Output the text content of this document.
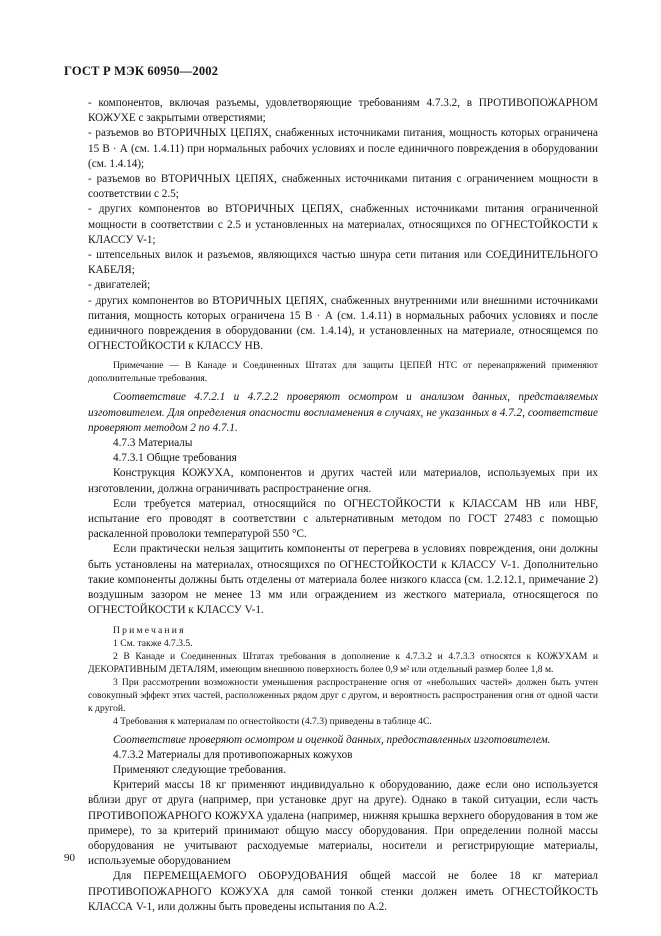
ГОСТ Р МЭК 60950—2002

- компонентов, включая разъемы, удовлетворяющие требованиям 4.7.3.2, в ПРОТИВОПОЖАРНОМ КОЖУХЕ с закрытыми отверстиями;

- разъемов во ВТОРИЧНЫХ ЦЕПЯХ, снабженных источниками питания, мощность которых ограничена 15 В · А (см. 1.4.11) при нормальных рабочих условиях и после единичного повреждения в оборудовании (см. 1.4.14);

- разъемов во ВТОРИЧНЫХ ЦЕПЯХ, снабженных источниками питания с ограничением мощности в соответствии с 2.5;

- других компонентов во ВТОРИЧНЫХ ЦЕПЯХ, снабженных источниками питания ограниченной мощности в соответствии с 2.5 и установленных на материалах, относящихся по ОГНЕСТОЙКОСТИ к КЛАССУ V-1;

- штепсельных вилок и разъемов, являющихся частью шнура сети питания или СОЕДИНИТЕЛЬНОГО КАБЕЛЯ;

- двигателей;

- других компонентов во ВТОРИЧНЫХ ЦЕПЯХ, снабженных внутренними или внешними источниками питания, мощность которых ограничена 15 В · А (см. 1.4.11) в нормальных рабочих условиях и после единичного повреждения в оборудовании (см. 1.4.14), и установленных на материале, относящемся по ОГНЕСТОЙКОСТИ к КЛАССУ НВ.

Примечание — В Канаде и Соединенных Штатах для защиты ЦЕПЕЙ НТС от перенапряжений применяют дополнительные требования.

Соответствие 4.7.2.1 и 4.7.2.2 проверяют осмотром и анализом данных, представляемых изготовителем. Для определения опасности воспламенения в случаях, не указанных в 4.7.2, соответствие проверяют методом 2 по 4.7.1.

4.7.3 Материалы

4.7.3.1 Общие требования

Конструкция КОЖУХА, компонентов и других частей или материалов, используемых при их изготовлении, должна ограничивать распространение огня.

Если требуется материал, относящийся по ОГНЕСТОЙКОСТИ к КЛАССАМ НВ или НВF, испытание его проводят в соответствии с альтернативным методом по ГОСТ 27483 с помощью раскаленной проволоки температурой 550 °С.

Если практически нельзя защитить компоненты от перегрева в условиях повреждения, они должны быть установлены на материалах, относящихся по ОГНЕСТОЙКОСТИ к КЛАССУ V-1. Дополнительно такие компоненты должны быть отделены от материала более низкого класса (см. 1.2.12.1, примечание 2) воздушным зазором не менее 13 мм или ограждением из жесткого материала, относящегося по ОГНЕСТОЙКОСТИ к КЛАССУ V-1.

Примечания

1 См. также 4.7.3.5.

2 В Канаде и Соединенных Штатах требования в дополнение к 4.7.3.2 и 4.7.3.3 относятся к КОЖУХАМ и ДЕКОРАТИВНЫМ ДЕТАЛЯМ, имеющим внешнюю поверхность более 0,9 м² или отдельный размер более 1,8 м.

3 При рассмотрении возможности уменьшения распространение огня от «небольших частей» должен быть учтен совокупный эффект этих частей, расположенных рядом друг с другом, и вероятность распространения огня от одной части к другой.

4 Требования к материалам по огнестойкости (4.7.3) приведены в таблице 4С.

Соответствие проверяют осмотром и оценкой данных, предоставленных изготовителем.

4.7.3.2 Материалы для противопожарных кожухов

Применяют следующие требования.

Критерий массы 18 кг применяют индивидуально к оборудованию, даже если оно используется вблизи друг от друга (например, при установке друг на друге). Однако в такой ситуации, если часть ПРОТИВОПОЖАРНОГО КОЖУХА удалена (например, нижняя крышка верхнего оборудования в том же примере), то за критерий принимают общую массу оборудования. При определении полной массы оборудования не учитывают расходуемые материалы, носители и регистрирующие материалы, используемые оборудованием

Для ПЕРЕМЕЩАЕМОГО ОБОРУДОВАНИЯ общей массой не более 18 кг материал ПРОТИВОПОЖАРНОГО КОЖУХА для самой тонкой стенки должен иметь ОГНЕСТОЙКОСТЬ КЛАССА V-1, или должны быть проведены испытания по А.2.

90
